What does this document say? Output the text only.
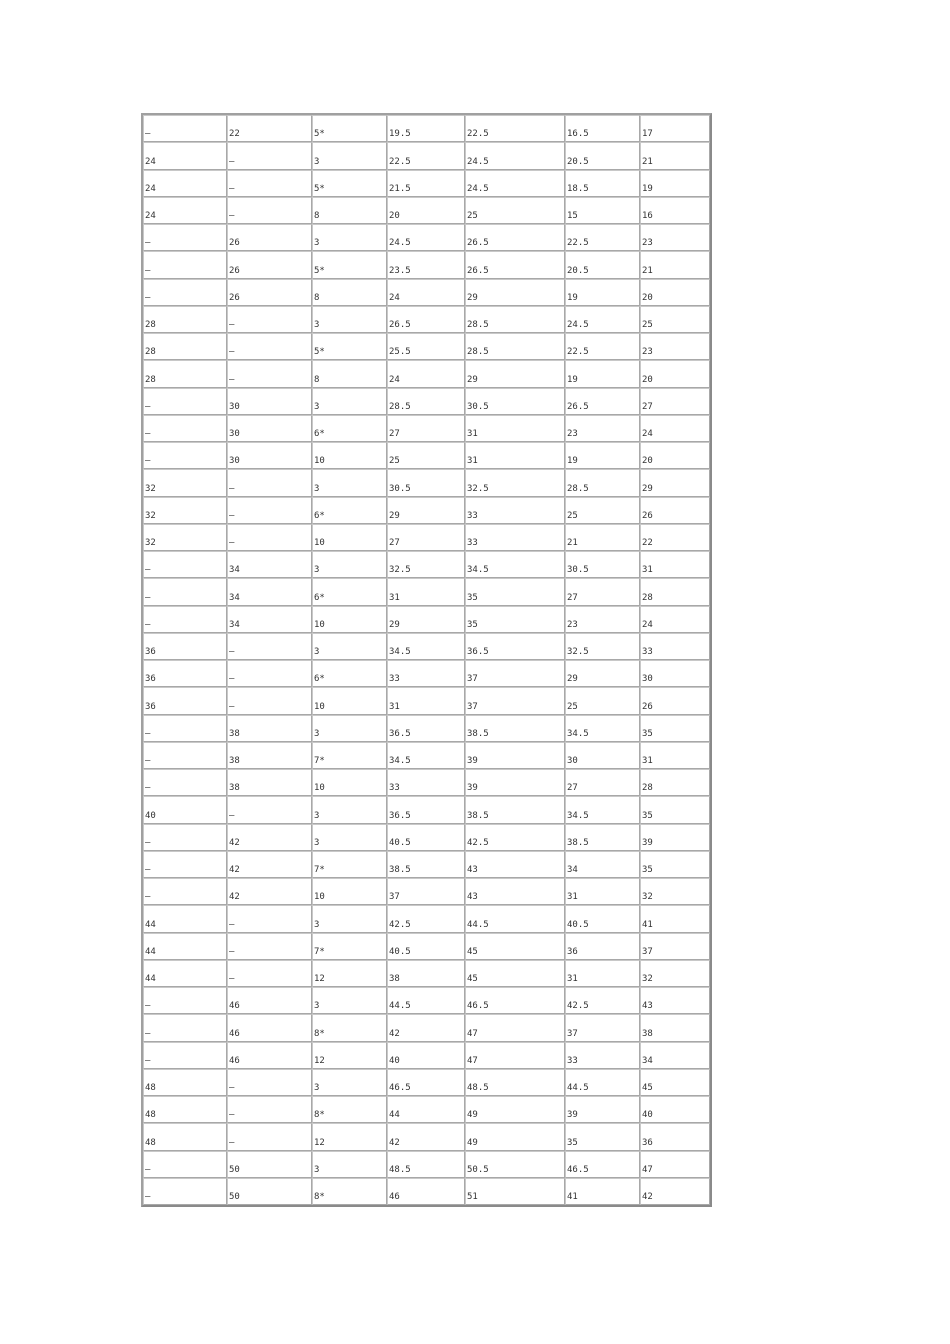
–	22	5*	19.5	22.5	16.5	17
24	–	3	22.5	24.5	20.5	21
24	–	5*	21.5	24.5	18.5	19
24	–	8	20	25	15	16
–	26	3	24.5	26.5	22.5	23
–	26	5*	23.5	26.5	20.5	21
–	26	8	24	29	19	20
28	–	3	26.5	28.5	24.5	25
28	–	5*	25.5	28.5	22.5	23
28	–	8	24	29	19	20
–	30	3	28.5	30.5	26.5	27
–	30	6*	27	31	23	24
–	30	10	25	31	19	20
32	–	3	30.5	32.5	28.5	29
32	–	6*	29	33	25	26
32	–	10	27	33	21	22
–	34	3	32.5	34.5	30.5	31
–	34	6*	31	35	27	28
–	34	10	29	35	23	24
36	–	3	34.5	36.5	32.5	33
36	–	6*	33	37	29	30
36	–	10	31	37	25	26
–	38	3	36.5	38.5	34.5	35
–	38	7*	34.5	39	30	31
–	38	10	33	39	27	28
40	–	3	36.5	38.5	34.5	35
–	42	3	40.5	42.5	38.5	39
–	42	7*	38.5	43	34	35
–	42	10	37	43	31	32
44	–	3	42.5	44.5	40.5	41
44	–	7*	40.5	45	36	37
44	–	12	38	45	31	32
–	46	3	44.5	46.5	42.5	43
–	46	8*	42	47	37	38
–	46	12	40	47	33	34
48	–	3	46.5	48.5	44.5	45
48	–	8*	44	49	39	40
48	–	12	42	49	35	36
–	50	3	48.5	50.5	46.5	47
–	50	8*	46	51	41	42
